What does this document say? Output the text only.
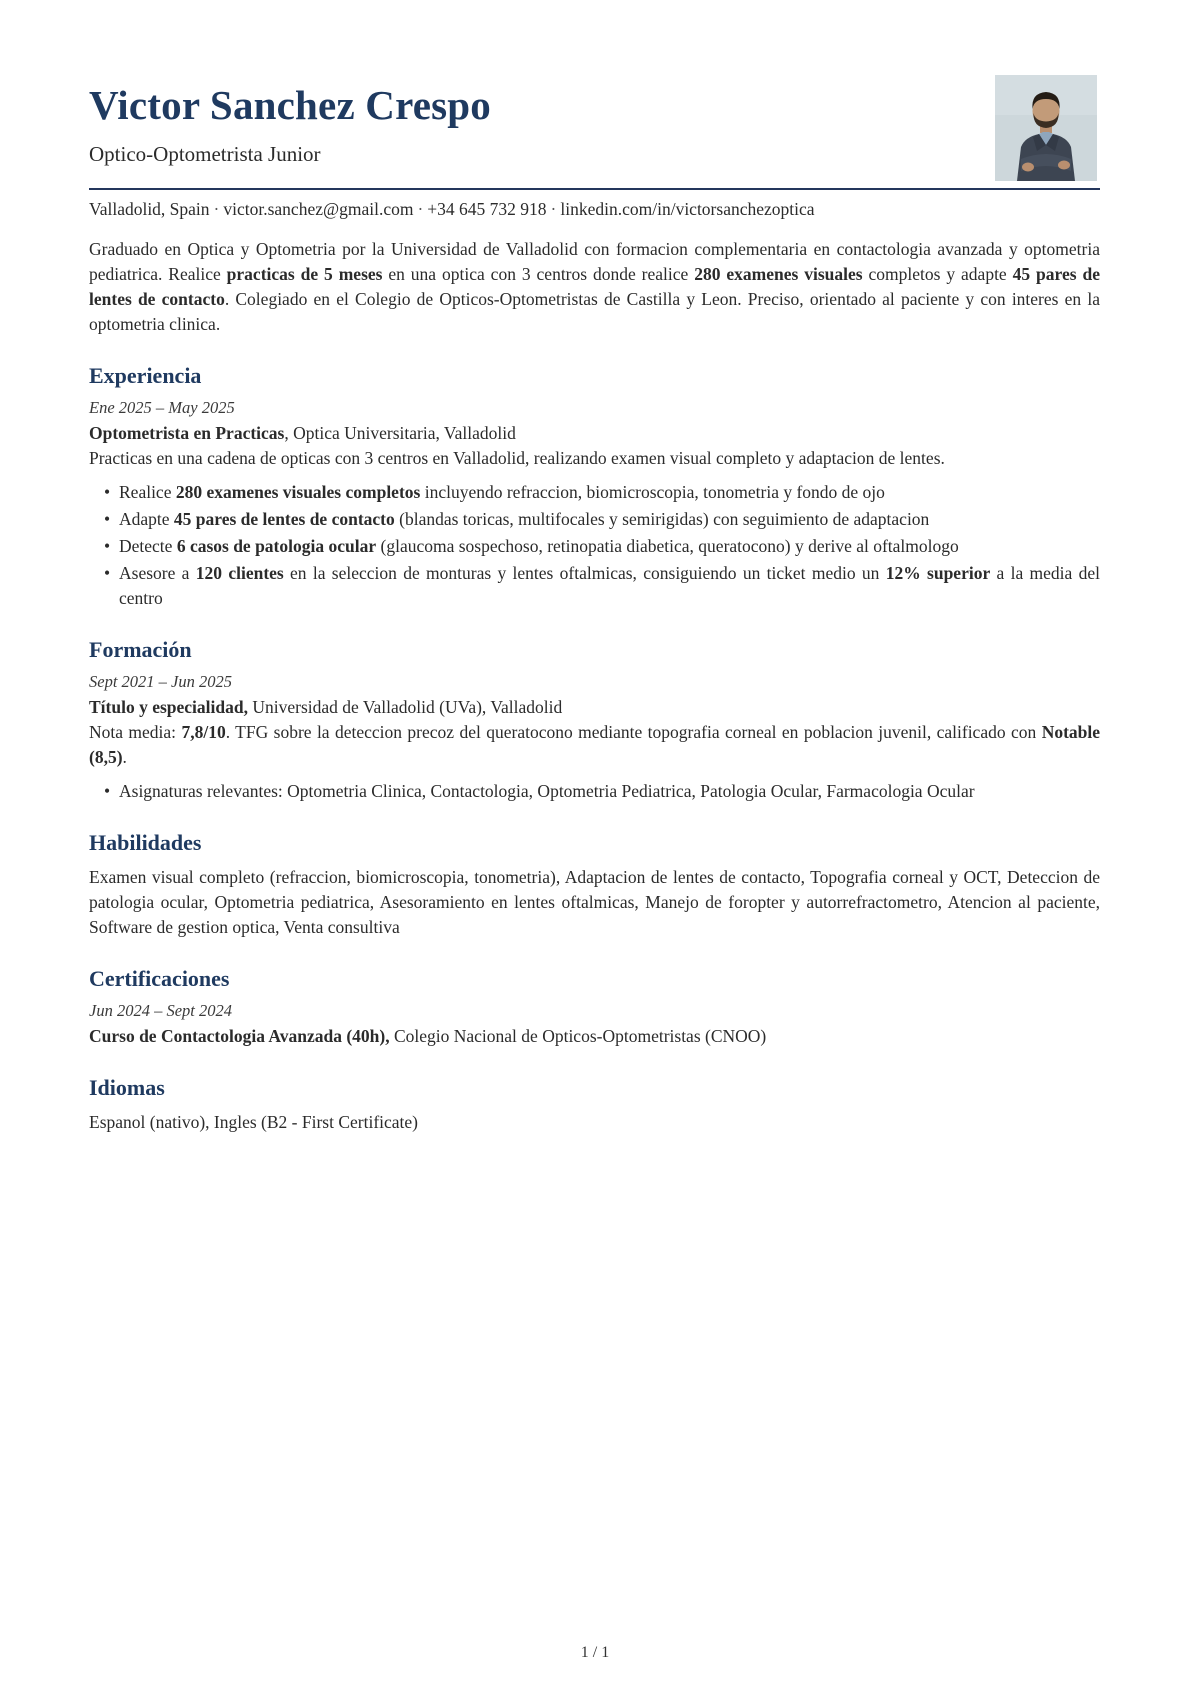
Victor Sanchez Crespo
Optico-Optometrista Junior
Valladolid, Spain · victor.sanchez@gmail.com · +34 645 732 918 · linkedin.com/in/victorsanchezoptica

Graduado en Optica y Optometria por la Universidad de Valladolid con formacion complementaria en contactologia avanzada y optometria pediatrica. Realice practicas de 5 meses en una optica con 3 centros donde realice 280 examenes visuales completos y adapte 45 pares de lentes de contacto. Colegiado en el Colegio de Opticos-Optometristas de Castilla y Leon. Preciso, orientado al paciente y con interes en la optometria clinica.

Experiencia
Ene 2025 – May 2025
Optometrista en Practicas, Optica Universitaria, Valladolid
Practicas en una cadena de opticas con 3 centros en Valladolid, realizando examen visual completo y adaptacion de lentes.
• Realice 280 examenes visuales completos incluyendo refraccion, biomicroscopia, tonometria y fondo de ojo
• Adapte 45 pares de lentes de contacto (blandas toricas, multifocales y semirigidas) con seguimiento de adaptacion
• Detecte 6 casos de patologia ocular (glaucoma sospechoso, retinopatia diabetica, queratocono) y derive al oftalmologo
• Asesore a 120 clientes en la seleccion de monturas y lentes oftalmicas, consiguiendo un ticket medio un 12% superior a la media del centro
Formación
Sept 2021 – Jun 2025
Título y especialidad, Universidad de Valladolid (UVa), Valladolid
Nota media: 7,8/10. TFG sobre la deteccion precoz del queratocono mediante topografia corneal en poblacion juvenil, calificado con Notable (8,5).
• Asignaturas relevantes: Optometria Clinica, Contactologia, Optometria Pediatrica, Patologia Ocular, Farmacologia Ocular
Habilidades

Examen visual completo (refraccion, biomicroscopia, tonometria), Adaptacion de lentes de contacto, Topografia corneal y OCT, Deteccion de patologia ocular, Optometria pediatrica, Asesoramiento en lentes oftalmicas, Manejo de foropter y autorrefractometro, Atencion al paciente, Software de gestion optica, Venta consultiva

Certificaciones
Jun 2024 – Sept 2024
Curso de Contactologia Avanzada (40h), Colegio Nacional de Opticos-Optometristas (CNOO)
Idiomas

Espanol (nativo), Ingles (B2 - First Certificate)

1 / 1
